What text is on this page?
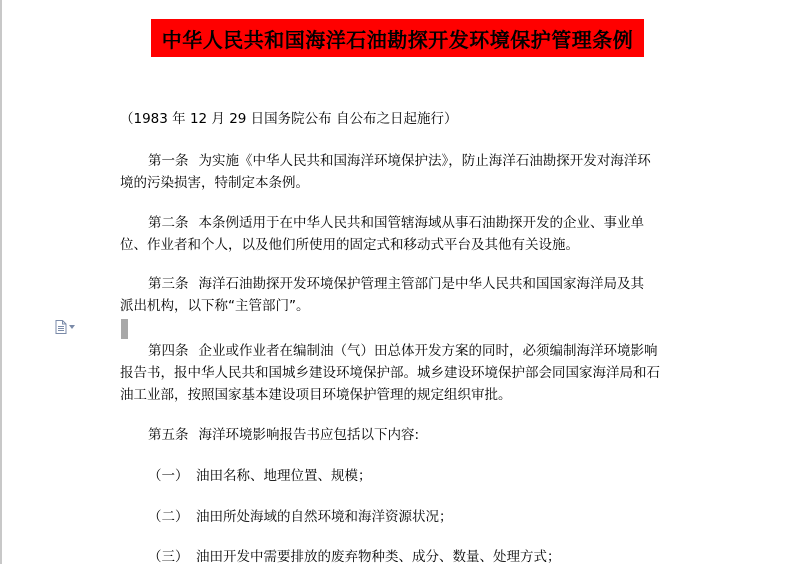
中华人民共和国海洋石油勘探开发环境保护管理条例
（1983 年 12 月 29 日国务院公布 自公布之日起施行）
第一条 为实施《中华人民共和国海洋环境保护法》，防止海洋石油勘探开发对海洋环
境的污染损害，特制定本条例。
第二条 本条例适用于在中华人民共和国管辖海域从事石油勘探开发的企业、事业单
位、作业者和个人，以及他们所使用的固定式和移动式平台及其他有关设施。
第三条 海洋石油勘探开发环境保护管理主管部门是中华人民共和国国家海洋局及其
派出机构，以下称“主管部门”。
第四条 企业或作业者在编制油（气）田总体开发方案的同时，必须编制海洋环境影响
报告书，报中华人民共和国城乡建设环境保护部。城乡建设环境保护部会同国家海洋局和石
油工业部，按照国家基本建设项目环境保护管理的规定组织审批。
第五条 海洋环境影响报告书应包括以下内容:
（一） 油田名称、地理位置、规模；
（二） 油田所处海域的自然环境和海洋资源状况；
（三） 油田开发中需要排放的废弃物种类、成分、数量、处理方式；
